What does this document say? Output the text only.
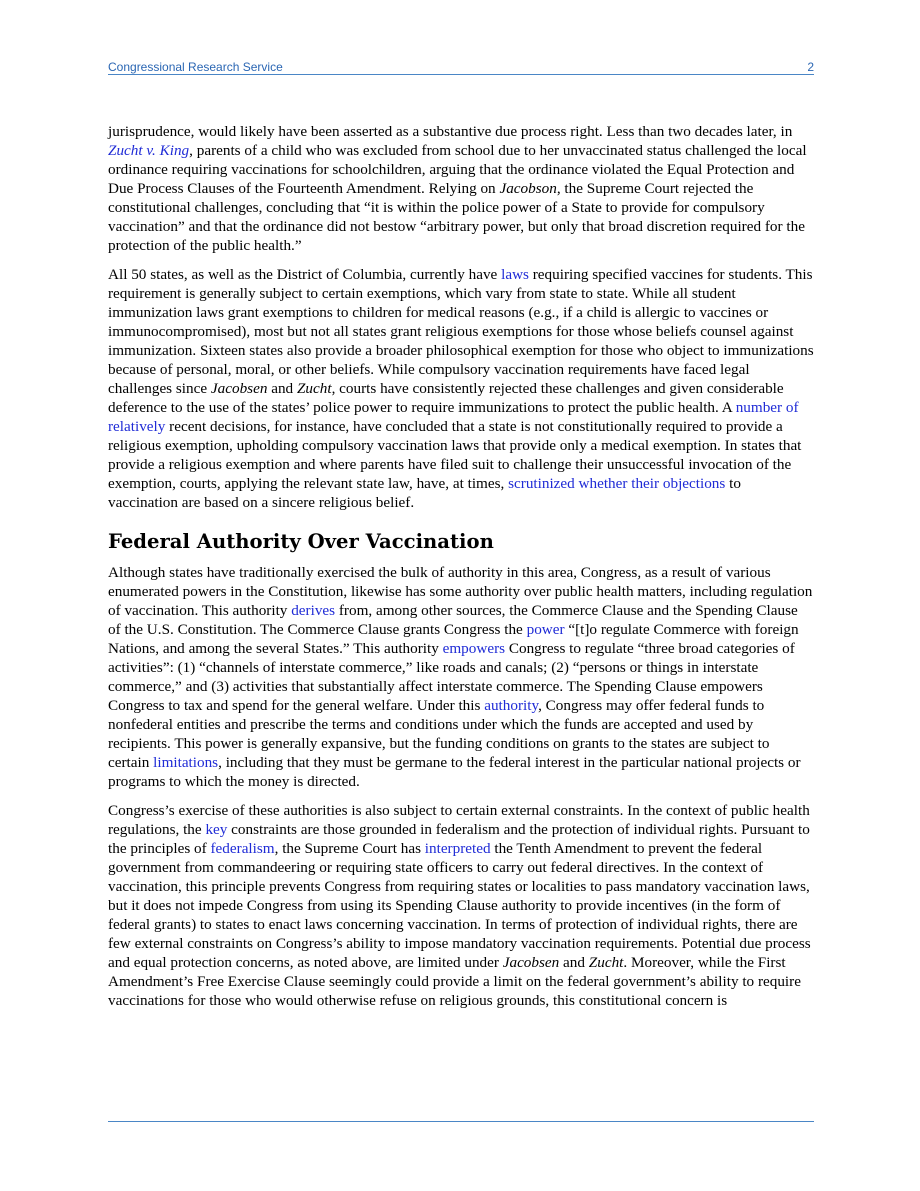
Congressional Research Service	2

jurisprudence, would likely have been asserted as a substantive due process right. Less than two decades later, in Zucht v. King, parents of a child who was excluded from school due to her unvaccinated status challenged the local ordinance requiring vaccinations for schoolchildren, arguing that the ordinance violated the Equal Protection and Due Process Clauses of the Fourteenth Amendment. Relying on Jacobson, the Supreme Court rejected the constitutional challenges, concluding that “it is within the police power of a State to provide for compulsory vaccination” and that the ordinance did not bestow “arbitrary power, but only that broad discretion required for the protection of the public health.”

All 50 states, as well as the District of Columbia, currently have laws requiring specified vaccines for students. This requirement is generally subject to certain exemptions, which vary from state to state. While all student immunization laws grant exemptions to children for medical reasons (e.g., if a child is allergic to vaccines or immunocompromised), most but not all states grant religious exemptions for those whose beliefs counsel against immunization. Sixteen states also provide a broader philosophical exemption for those who object to immunizations because of personal, moral, or other beliefs. While compulsory vaccination requirements have faced legal challenges since Jacobsen and Zucht, courts have consistently rejected these challenges and given considerable deference to the use of the states’ police power to require immunizations to protect the public health. A number of relatively recent decisions, for instance, have concluded that a state is not constitutionally required to provide a religious exemption, upholding compulsory vaccination laws that provide only a medical exemption. In states that provide a religious exemption and where parents have filed suit to challenge their unsuccessful invocation of the exemption, courts, applying the relevant state law, have, at times, scrutinized whether their objections to vaccination are based on a sincere religious belief.

Federal Authority Over Vaccination

Although states have traditionally exercised the bulk of authority in this area, Congress, as a result of various enumerated powers in the Constitution, likewise has some authority over public health matters, including regulation of vaccination. This authority derives from, among other sources, the Commerce Clause and the Spending Clause of the U.S. Constitution. The Commerce Clause grants Congress the power “[t]o regulate Commerce with foreign Nations, and among the several States.” This authority empowers Congress to regulate “three broad categories of activities”: (1) “channels of interstate commerce,” like roads and canals; (2) “persons or things in interstate commerce,” and (3) activities that substantially affect interstate commerce. The Spending Clause empowers Congress to tax and spend for the general welfare. Under this authority, Congress may offer federal funds to nonfederal entities and prescribe the terms and conditions under which the funds are accepted and used by recipients. This power is generally expansive, but the funding conditions on grants to the states are subject to certain limitations, including that they must be germane to the federal interest in the particular national projects or programs to which the money is directed.

Congress’s exercise of these authorities is also subject to certain external constraints. In the context of public health regulations, the key constraints are those grounded in federalism and the protection of individual rights. Pursuant to the principles of federalism, the Supreme Court has interpreted the Tenth Amendment to prevent the federal government from commandeering or requiring state officers to carry out federal directives. In the context of vaccination, this principle prevents Congress from requiring states or localities to pass mandatory vaccination laws, but it does not impede Congress from using its Spending Clause authority to provide incentives (in the form of federal grants) to states to enact laws concerning vaccination. In terms of protection of individual rights, there are few external constraints on Congress’s ability to impose mandatory vaccination requirements. Potential due process and equal protection concerns, as noted above, are limited under Jacobsen and Zucht. Moreover, while the First Amendment’s Free Exercise Clause seemingly could provide a limit on the federal government’s ability to require vaccinations for those who would otherwise refuse on religious grounds, this constitutional concern is
